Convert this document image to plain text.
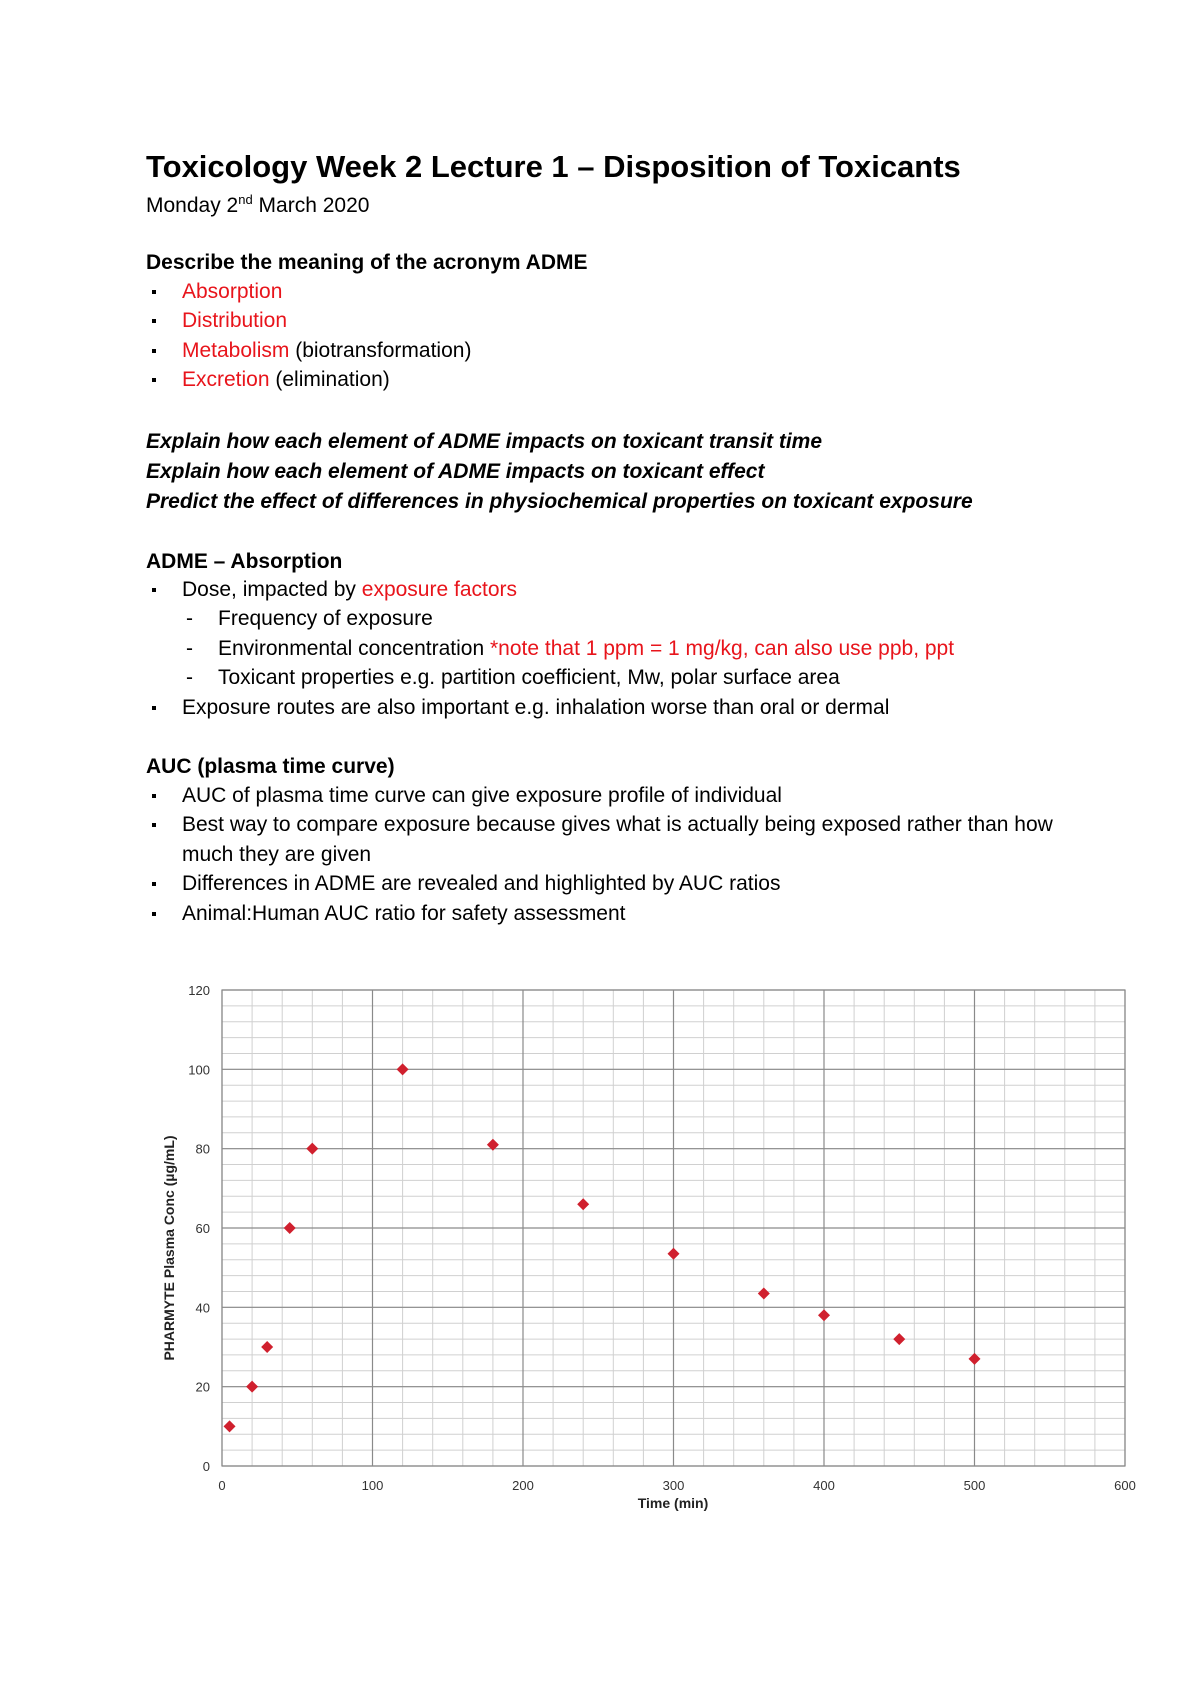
Toxicology Week 2 Lecture 1 – Disposition of Toxicants
Monday 2nd March 2020

Describe the meaning of the acronym ADME

Absorption
Distribution
Metabolism (biotransformation)
Excretion (elimination)

Explain how each element of ADME impacts on toxicant transit time

Explain how each element of ADME impacts on toxicant effect

Predict the effect of differences in physiochemical properties on toxicant exposure

ADME – Absorption

Dose, impacted by exposure factors
- Frequency of exposure
- Environmental concentration *note that 1 ppm = 1 mg/kg, can also use ppb, ppt
- Toxicant properties e.g. partition coefficient, Mw, polar surface area
Exposure routes are also important e.g. inhalation worse than oral or dermal

AUC (plasma time curve)

AUC of plasma time curve can give exposure profile of individual
Best way to compare exposure because gives what is actually being exposed rather than how much they are given
Differences in ADME are revealed and highlighted by AUC ratios
Animal:Human AUC ratio for safety assessment
0	100	200	300	400	500	600
0
20
40
60
80
100
120
Time (min)
PHARMYTE Plasma Conc (µg/mL)
